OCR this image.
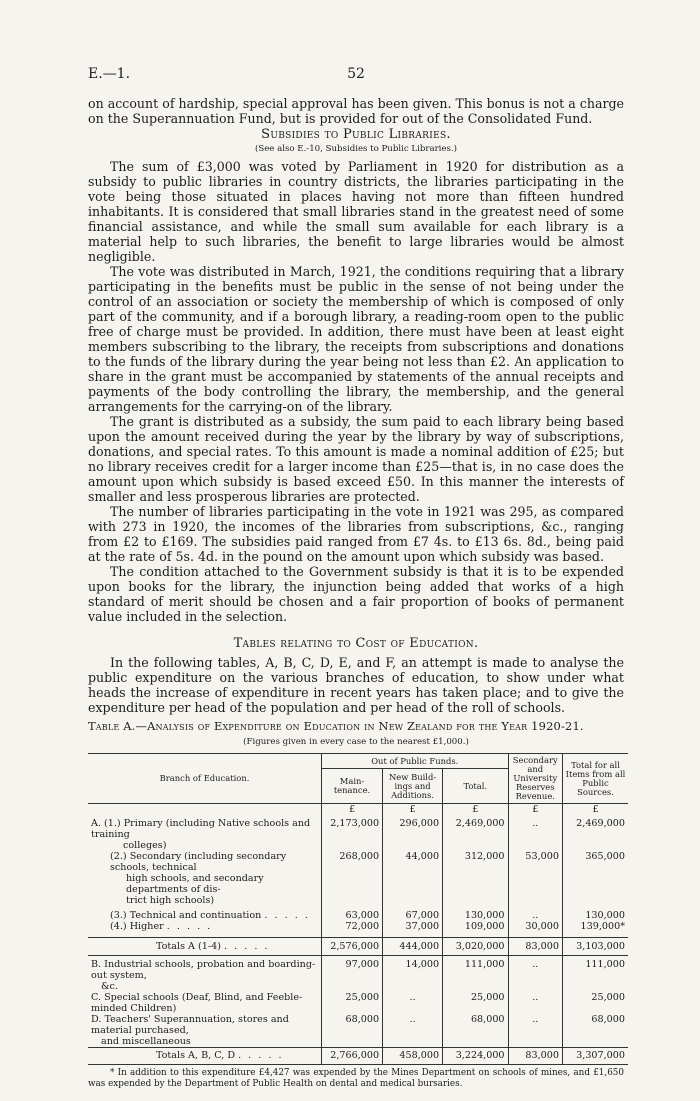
E.—1.	52

on account of hardship, special approval has been given. This bonus is not a charge on the Superannuation Fund, but is provided for out of the Consolidated Fund.

Subsidies to Public Libraries.
(See also E.-10, Subsidies to Public Libraries.)

The sum of £3,000 was voted by Parliament in 1920 for distribution as a subsidy to public libraries in country districts, the libraries participating in the vote being those situated in places having not more than fifteen hundred inhabitants. It is considered that small libraries stand in the greatest need of some financial assistance, and while the small sum available for each library is a material help to such libraries, the benefit to large libraries would be almost negligible.

The vote was distributed in March, 1921, the conditions requiring that a library participating in the benefits must be public in the sense of not being under the control of an association or society the membership of which is composed of only part of the community, and if a borough library, a reading-room open to the public free of charge must be provided. In addition, there must have been at least eight members subscribing to the library, the receipts from subscriptions and donations to the funds of the library during the year being not less than £2. An application to share in the grant must be accompanied by statements of the annual receipts and payments of the body controlling the library, the membership, and the general arrangements for the carrying-on of the library.

The grant is distributed as a subsidy, the sum paid to each library being based upon the amount received during the year by the library by way of subscriptions, donations, and special rates. To this amount is made a nominal addition of £25; but no library receives credit for a larger income than £25—that is, in no case does the amount upon which subsidy is based exceed £50. In this manner the interests of smaller and less prosperous libraries are protected.

The number of libraries participating in the vote in 1921 was 295, as compared with 273 in 1920, the incomes of the libraries from subscriptions, &c., ranging from £2 to £169. The subsidies paid ranged from £7 4s. to £13 6s. 8d., being paid at the rate of 5s. 4d. in the pound on the amount upon which subsidy was based.

The condition attached to the Government subsidy is that it is to be expended upon books for the library, the injunction being added that works of a high standard of merit should be chosen and a fair proportion of books of permanent value included in the selection.

Tables relating to Cost of Education.

In the following tables, A, B, C, D, E, and F, an attempt is made to analyse the public expenditure on the various branches of education, to show under what heads the increase of expenditure in recent years has taken place; and to give the expenditure per head of the population and per head of the roll of schools.

Table A.—Analysis of Expenditure on Education in New Zealand for the Year 1920-21.
(Figures given in every case to the nearest £1,000.)
Branch of Education.	Out of Public Funds.			Secondary and University Reserves Revenue.	Total for all Items from all Public Sources.
	Main-tenance.	New Build-ings and Additions.	Total.		
	£	£	£	£	£

A. (1.) Primary (including Native schools and training
colleges)	2,173,000	296,000	2,469,000	..	2,469,000

(2.) Secondary (including secondary schools, technical
high schools, and secondary departments of dis-
trict high schools)	268,000	44,000	312,000	53,000	365,000
(3.) Technical and continuation . . . . .	63,000	67,000	130,000	..	130,000
(4.) Higher . . . . .	72,000	37,000	109,000	30,000	139,000*
Totals A (1-4) . . . . .	2,576,000	444,000	3,020,000	83,000	3,103,000

B. Industrial schools, probation and boarding-out system,
&c.	97,000	14,000	111,000	..	111,000
C. Special schools (Deaf, Blind, and Feeble-minded Children)	25,000	..	25,000	..	25,000

D. Teachers' Superannuation, stores and material purchased,
and miscellaneous	68,000	..	68,000	..	68,000
Totals A, B, C, D . . . . .	2,766,000	458,000	3,224,000	83,000	3,307,000
* In addition to this expenditure £4,427 was expended by the Mines Department on schools of mines, and £1,650 was expended by the Department of Public Health on dental and medical bursaries.
